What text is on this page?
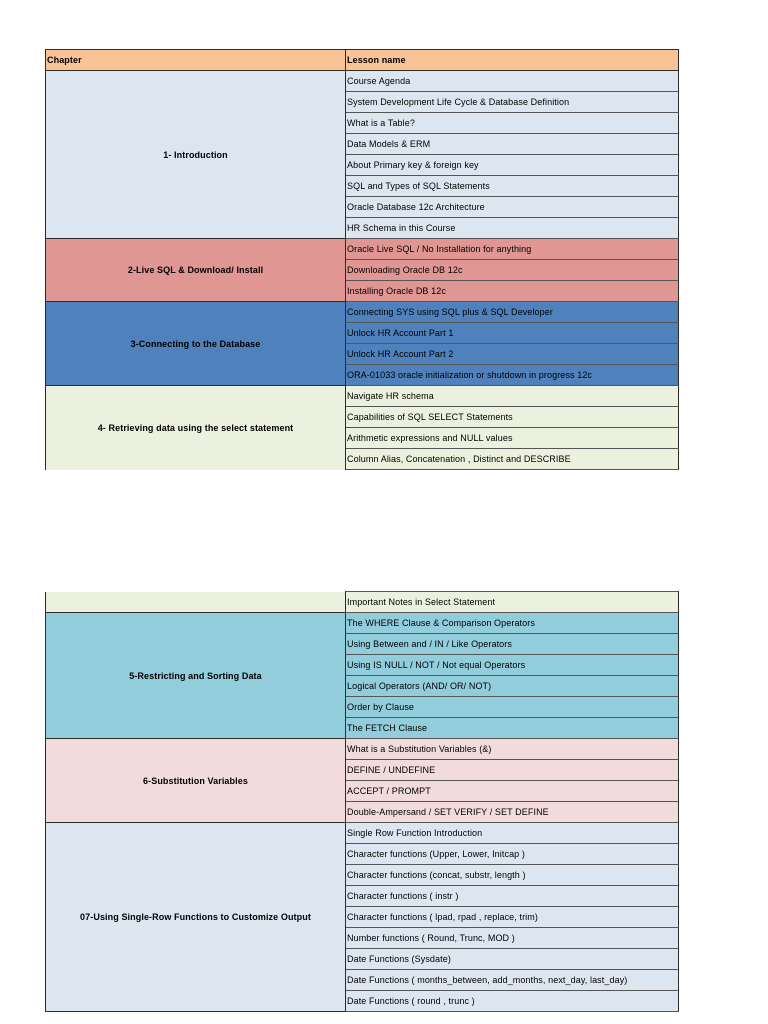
Chapter	Lesson name
1- Introduction	Course Agenda
	System Development Life Cycle & Database Definition
	What is a Table?
	Data Models & ERM
	About Primary key & foreign key
	SQL and Types of SQL Statements
	Oracle Database 12c Architecture
	HR Schema in this Course
2-Live SQL & Download/ Install	Oracle Live SQL / No Installation for anything
	Downloading Oracle DB 12c
	Installing Oracle DB 12c
3-Connecting to the Database	Connecting SYS using SQL plus & SQL Developer
	Unlock HR Account Part 1
	Unlock HR Account Part 2
	ORA-01033 oracle initialization or shutdown in progress 12c
4- Retrieving data using the select statement	Navigate HR schema
	Capabilities of SQL SELECT Statements
	Arithmetic expressions and NULL values
	Column Alias, Concatenation , Distinct and DESCRIBE
	Important Notes in Select Statement
5-Restricting and Sorting Data	The WHERE Clause & Comparison Operators
	Using Between and / IN / Like Operators
	Using IS NULL / NOT / Not equal Operators
	Logical Operators (AND/ OR/ NOT)
	Order by Clause
	The FETCH Clause
6-Substitution Variables	What is a Substitution Variables (&)
	DEFINE / UNDEFINE
	ACCEPT / PROMPT
	Double-Ampersand / SET VERIFY / SET DEFINE
07-Using Single-Row Functions to Customize Output	Single Row Function Introduction
	Character functions (Upper, Lower, Initcap )
	Character functions (concat, substr, length )
	Character functions ( instr )
	Character functions ( lpad, rpad , replace, trim)
	Number functions ( Round, Trunc, MOD )
	Date Functions (Sysdate)
	Date Functions ( months_between, add_months, next_day, last_day)
	Date Functions ( round , trunc )
